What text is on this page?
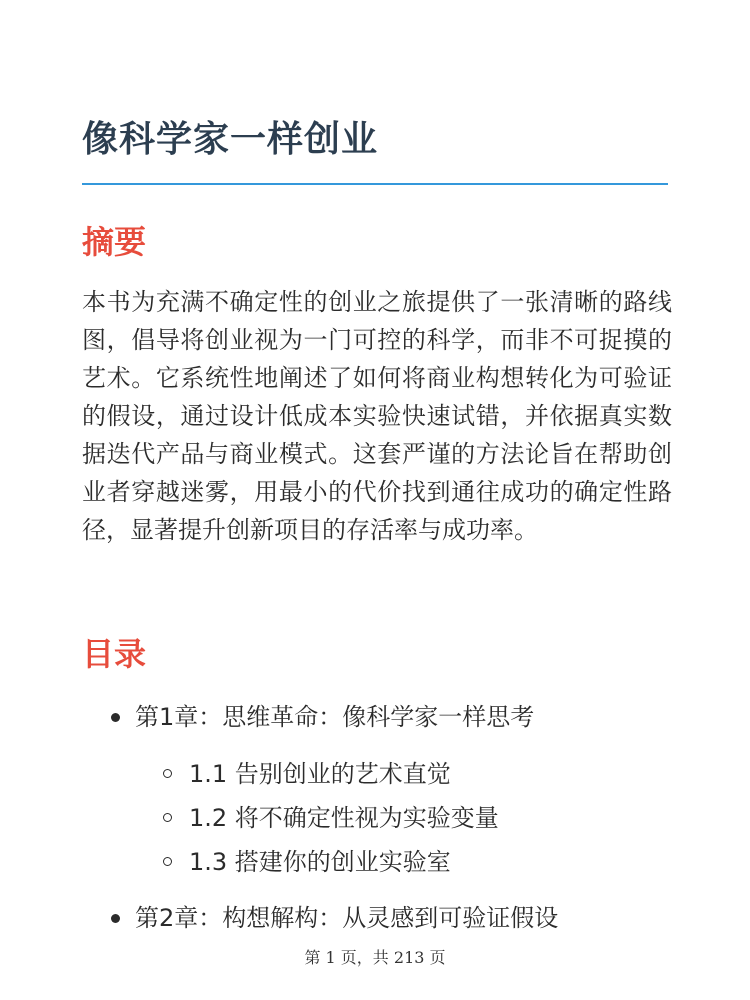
像科学家一样创业
摘要

本书为充满不确定性的创业之旅提供了一张清晰的路线图，倡导将创业视为一门可控的科学，而非不可捉摸的艺术。它系统性地阐述了如何将商业构想转化为可验证的假设，通过设计低成本实验快速试错，并依据真实数据迭代产品与商业模式。这套严谨的方法论旨在帮助创业者穿越迷雾，用最小的代价找到通往成功的确定性路径，显著提升创新项目的存活率与成功率。

目录
第1章：思维革命：像科学家一样思考
1.1 告别创业的艺术直觉
1.2 将不确定性视为实验变量
1.3 搭建你的创业实验室
第2章：构想解构：从灵感到可验证假设
第 1 页，共 213 页
